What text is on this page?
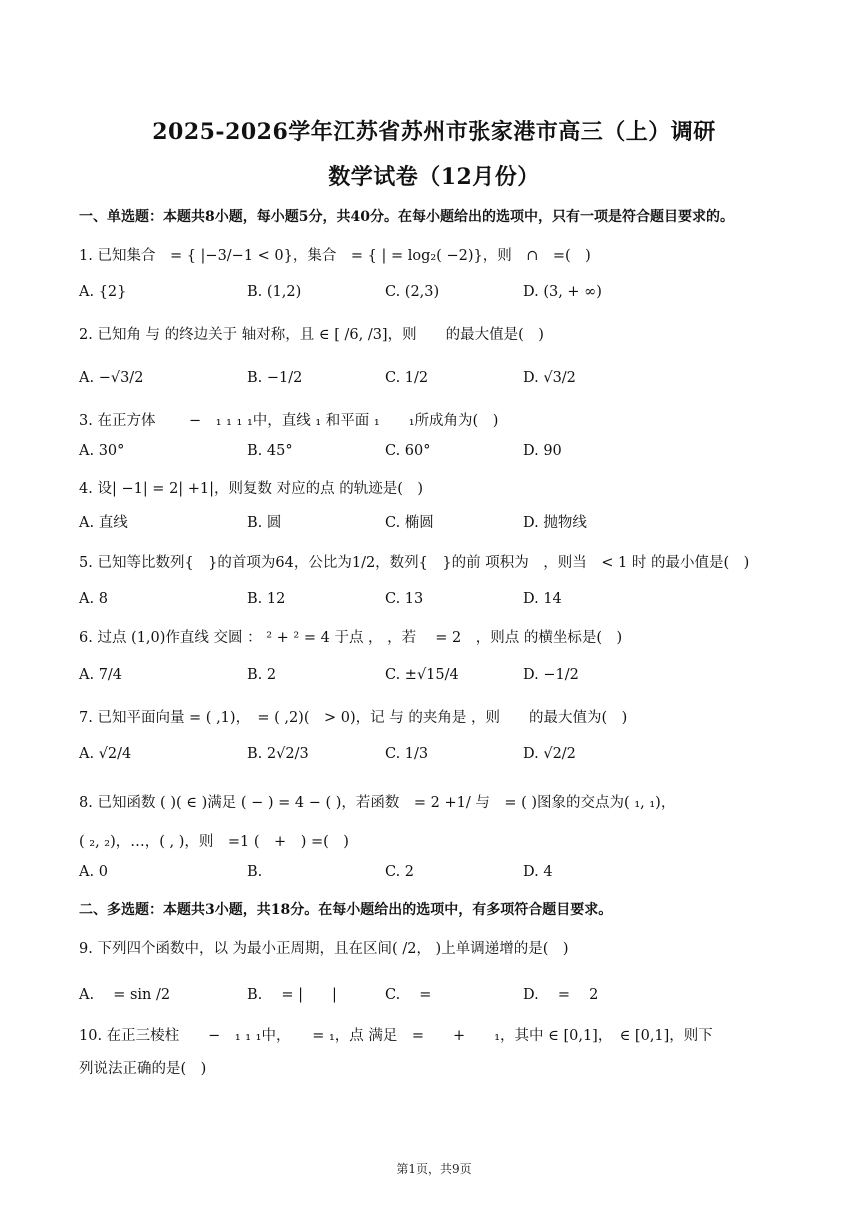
2025-2026学年江苏省苏州市张家港市高三（上）调研
数学试卷（12月份）
一、单选题：本题共8小题，每小题5分，共40分。在每小题给出的选项中，只有一项是符合题目要求的。
1. 已知集合　= { |−3/−1 < 0}，集合　= { | = log₂( −2)}，则　∩　=(　)
A. {2}	B. (1,2)	C. (2,3)	D. (3, + ∞)
2. 已知角 与 的终边关于 轴对称，且 ∈ [ /6, /3]，则　　的最大值是(　)
A. −√3/2	B. −1/2	C. 1/2	D. √3/2
3. 在正方体　　 −　₁ ₁ ₁ ₁中，直线 ₁ 和平面 ₁　　₁所成角为(　)
A. 30°	B. 45°	C. 60°	D. 90
4. 设| −1| = 2| +1|，则复数 对应的点 的轨迹是(　)
A. 直线	B. 圆	C. 椭圆	D. 抛物线
5. 已知等比数列{　}的首项为64，公比为1/2，数列{　}的前 项积为　，则当　< 1 时 的最小值是(　)
A. 8	B. 12	C. 13	D. 14
6. 过点 (1,0)作直线 交圆 ： ² + ² = 4 于点 ， ，若　 = 2　，则点 的横坐标是(　)
A. 7/4	B. 2	C. ±√15/4	D. −1/2
7. 已知平面向量 = ( ,1)，　= ( ,2)(　> 0)，记 与 的夹角是 ，则　　的最大值为(　)
A. √2/4	B. 2√2/3	C. 1/3	D. √2/2
8. 已知函数 ( )( ∈ )满足 ( − ) = 4 − ( )，若函数　= 2 +1/ 与　= ( )图象的交点为( ₁, ₁)，
( ₂, ₂)，…，( , )，则　=1 (　+　) =(　)
A. 0	B.	C. 2	D. 4
二、多选题：本题共3小题，共18分。在每小题给出的选项中，有多项符合题目要求。
9. 下列四个函数中，以 为最小正周期，且在区间( /2， )上单调递增的是(　)
A. 　= sin /2	B. 　= |　　|	C. 　=	D. 　=　 2
10. 在正三棱柱　　−　₁ ₁ ₁中，　　= ₁，点 满足　=　　+　　₁，其中 ∈ [0,1]，　∈ [0,1]，则下
列说法正确的是(　)
第1页，共9页
